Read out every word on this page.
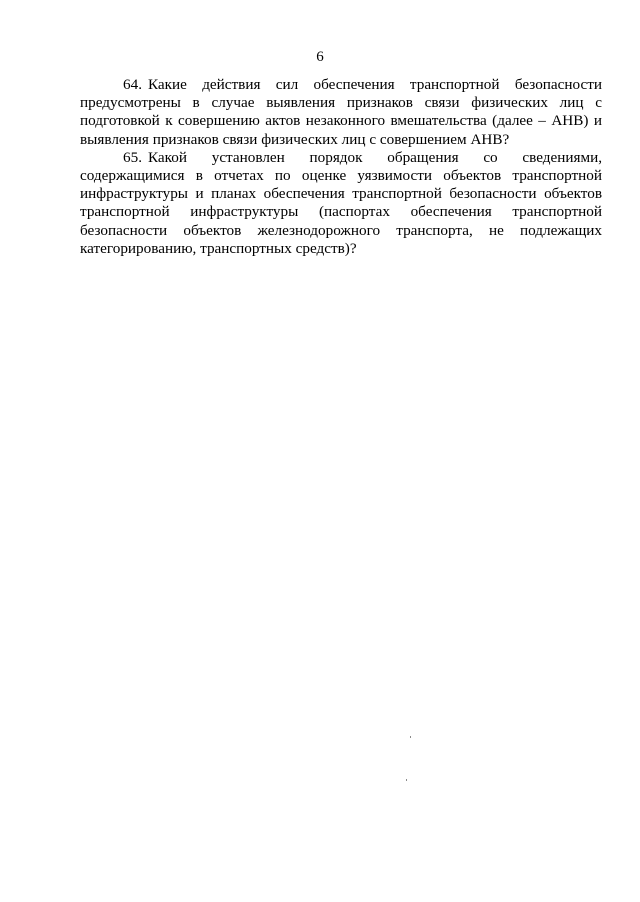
6

64. Какие действия сил обеспечения транспортной безопасности предусмотрены в случае выявления признаков связи физических лиц с подготовкой к совершению актов незаконного вмешательства (далее – АНВ) и выявления признаков связи физических лиц с совершением АНВ?

65. Какой установлен порядок обращения со сведениями, содержащимися в отчетах по оценке уязвимости объектов транспортной инфраструктуры и планах обеспечения транспортной безопасности объектов транспортной инфраструктуры (паспортах обеспечения транспортной безопасности объектов железнодорожного транспорта, не подлежащих категорированию, транспортных средств)?
